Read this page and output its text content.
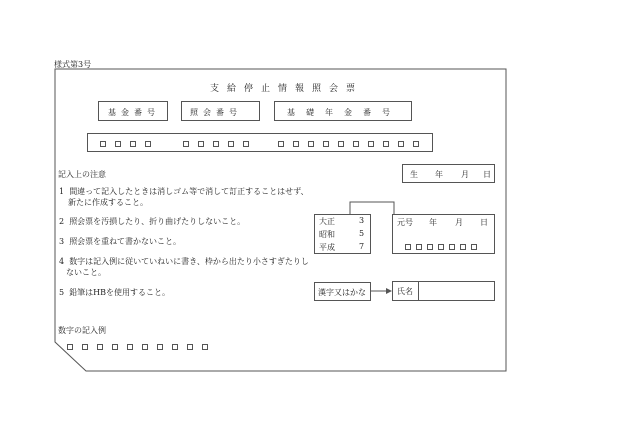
様式第3号
支給停止情報照会票
基金番号	照会番号	基礎年金番号
生 年 月 日
記入上の注意
1 間違って記入したときは消しゴム等で消して訂正することはせず、
新たに作成すること。
2 照会票を汚損したり、折り曲げたりしないこと。
3 照会票を重ねて書かないこと。
4 数字は記入例に従いていねいに書き、枠から出たり小さすぎたりし
ないこと。
5 鉛筆はHBを使用すること。
大正	3
昭和	5
平成	7
元号 年 月 日
漢字又はかな	氏名
数字の記入例
